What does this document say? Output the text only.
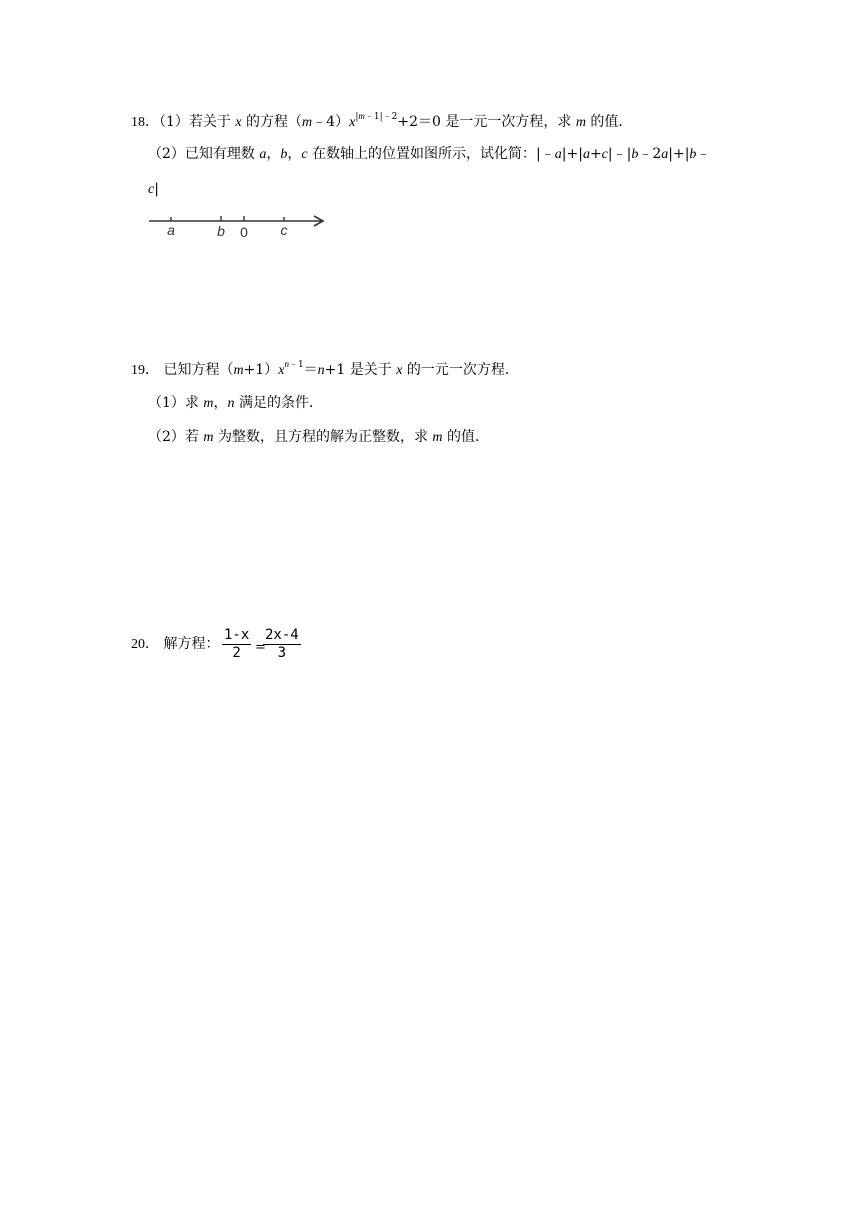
18．（1）若关于 x 的方程$(m﹣4)x^{|m﹣1|﹣2}+2=0$ 是一元一次方程，求 m 的值．
（2）已知有理数 a，b，c 在数轴上的位置如图所示，试化简：|﹣a|+|a+c|﹣|b﹣2a|+|b﹣
c|
a	b 0 c
19． 已知方程$(m+1)x^{n﹣1}=n+1$ 是关于 x 的一元一次方程．
（1）求 m，n 满足的条件．
（2）若 m 为整数，且方程的解为正整数，求 m 的值．
20． 解方程： $\frac{1-x}{2}$ =
$\frac{2x-4}{3}$
